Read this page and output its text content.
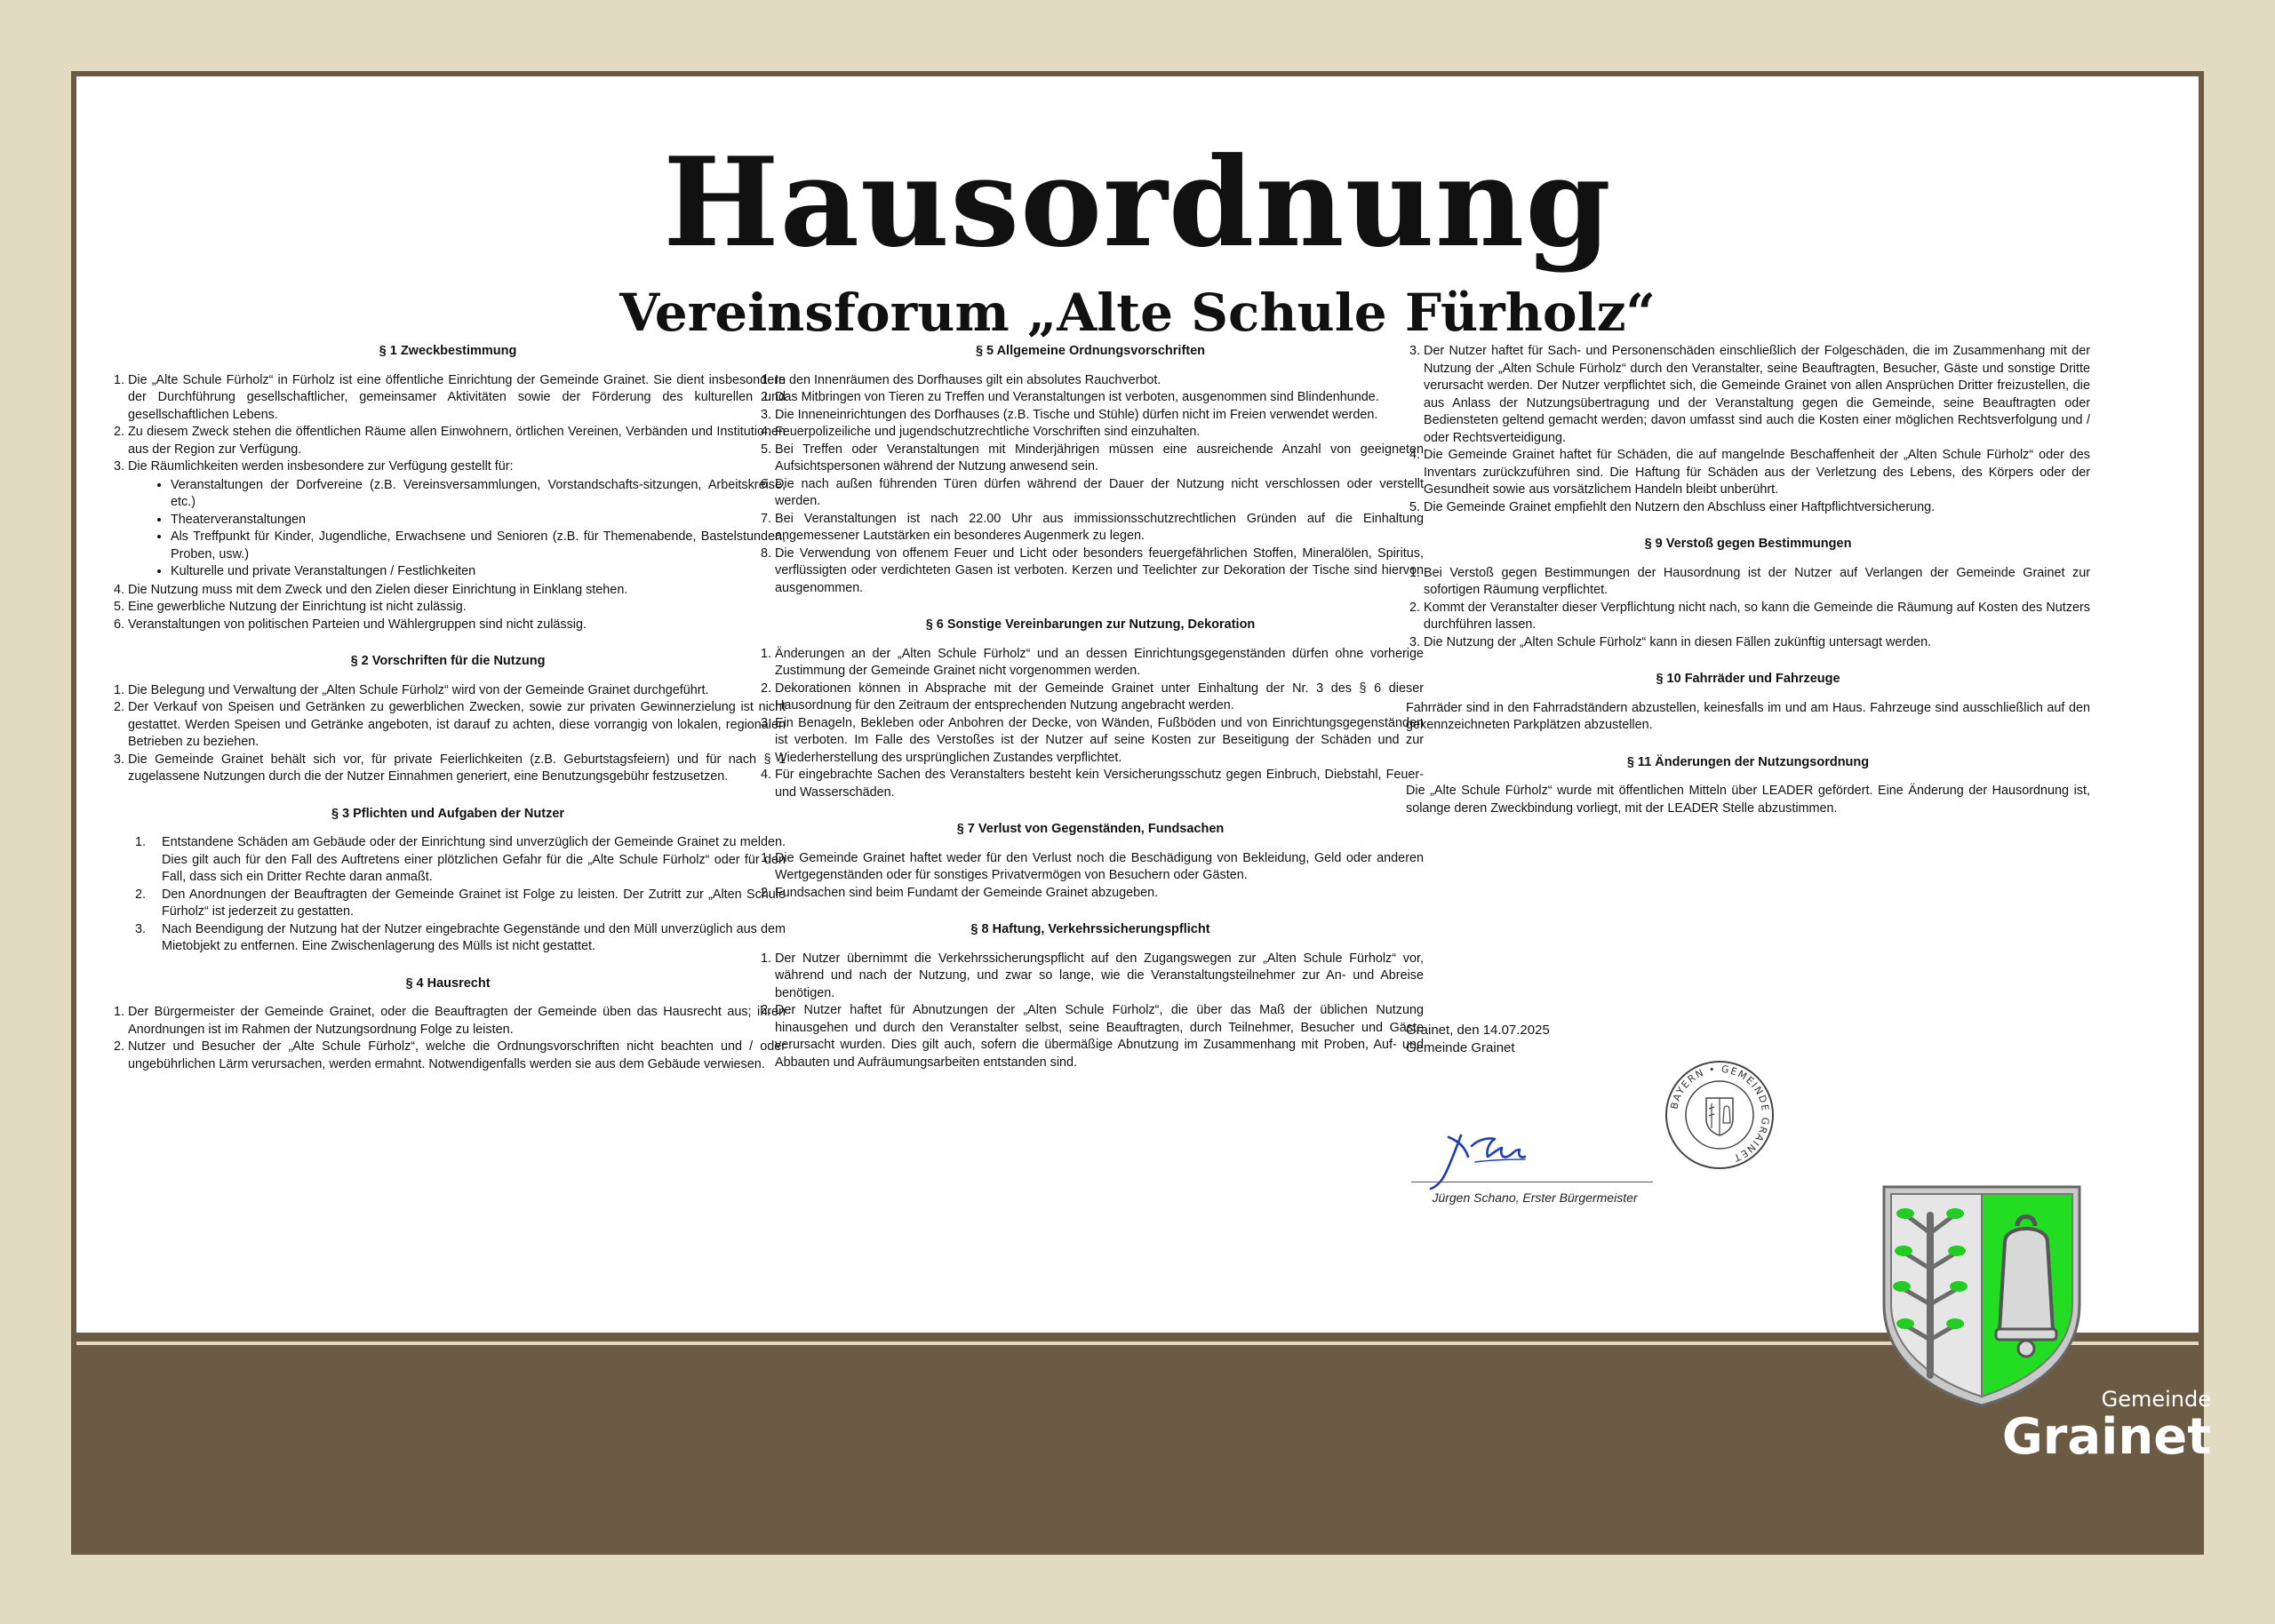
Hausordnung
Vereinsforum „Alte Schule Fürholz“
§ 1 Zweckbestimmung
1. Die „Alte Schule Fürholz“ in Fürholz ist eine öffentliche Einrichtung der Gemeinde Grainet. Sie dient insbesondere der Durchführung gesellschaftlicher, gemeinsamer Aktivitäten sowie der Förderung des kulturellen und gesellschaftlichen Lebens.
2. Zu diesem Zweck stehen die öffentlichen Räume allen Einwohnern, örtlichen Vereinen, Verbänden und Institutionen aus der Region zur Verfügung.
3. Die Räumlichkeiten werden insbesondere zur Verfügung gestellt für:
• Veranstaltungen der Dorfvereine (z.B. Vereinsversammlungen, Vorstandschafts-sitzungen, Arbeitskreise, etc.)
• Theaterveranstaltungen
• Als Treffpunkt für Kinder, Jugendliche, Erwachsene und Senioren (z.B. für Themenabende, Bastelstunden, Proben, usw.)
• Kulturelle und private Veranstaltungen / Festlichkeiten
4. Die Nutzung muss mit dem Zweck und den Zielen dieser Einrichtung in Einklang stehen.
5. Eine gewerbliche Nutzung der Einrichtung ist nicht zulässig.
6. Veranstaltungen von politischen Parteien und Wählergruppen sind nicht zulässig.
§ 2 Vorschriften für die Nutzung
1. Die Belegung und Verwaltung der „Alten Schule Fürholz“ wird von der Gemeinde Grainet durchgeführt.
2. Der Verkauf von Speisen und Getränken zu gewerblichen Zwecken, sowie zur privaten Gewinnerzielung ist nicht gestattet. Werden Speisen und Getränke angeboten, ist darauf zu achten, diese vorrangig von lokalen, regionalen Betrieben zu beziehen.
3. Die Gemeinde Grainet behält sich vor, für private Feierlichkeiten (z.B. Geburtstagsfeiern) und für nach § 1 zugelassene Nutzungen durch die der Nutzer Einnahmen generiert, eine Benutzungsgebühr festzusetzen.
§ 3 Pflichten und Aufgaben der Nutzer
1. Entstandene Schäden am Gebäude oder der Einrichtung sind unverzüglich der Gemeinde Grainet zu melden. Dies gilt auch für den Fall des Auftretens einer plötzlichen Gefahr für die „Alte Schule Fürholz“ oder für den Fall, dass sich ein Dritter Rechte daran anmaßt.
2. Den Anordnungen der Beauftragten der Gemeinde Grainet ist Folge zu leisten. Der Zutritt zur „Alten Schule Fürholz“ ist jederzeit zu gestatten.
3. Nach Beendigung der Nutzung hat der Nutzer eingebrachte Gegenstände und den Müll unverzüglich aus dem Mietobjekt zu entfernen. Eine Zwischenlagerung des Mülls ist nicht gestattet.
§ 4 Hausrecht
1. Der Bürgermeister der Gemeinde Grainet, oder die Beauftragten der Gemeinde üben das Hausrecht aus; ihren Anordnungen ist im Rahmen der Nutzungsordnung Folge zu leisten.
2. Nutzer und Besucher der „Alte Schule Fürholz“, welche die Ordnungsvorschriften nicht beachten und / oder ungebührlichen Lärm verursachen, werden ermahnt. Notwendigenfalls werden sie aus dem Gebäude verwiesen.
§ 5 Allgemeine Ordnungsvorschriften
1. In den Innenräumen des Dorfhauses gilt ein absolutes Rauchverbot.
2. Das Mitbringen von Tieren zu Treffen und Veranstaltungen ist verboten, ausgenommen sind Blindenhunde.
3. Die Inneneinrichtungen des Dorfhauses (z.B. Tische und Stühle) dürfen nicht im Freien verwendet werden.
4. Feuerpolizeiliche und jugendschutzrechtliche Vorschriften sind einzuhalten.
5. Bei Treffen oder Veranstaltungen mit Minderjährigen müssen eine ausreichende Anzahl von geeigneten Aufsichtspersonen während der Nutzung anwesend sein.
6. Die nach außen führenden Türen dürfen während der Dauer der Nutzung nicht verschlossen oder verstellt werden.
7. Bei Veranstaltungen ist nach 22.00 Uhr aus immissionsschutzrechtlichen Gründen auf die Einhaltung angemessener Lautstärken ein besonderes Augenmerk zu legen.
8. Die Verwendung von offenem Feuer und Licht oder besonders feuergefährlichen Stoffen, Mineralölen, Spiritus, verflüssigten oder verdichteten Gasen ist verboten. Kerzen und Teelichter zur Dekoration der Tische sind hiervon ausgenommen.
§ 6 Sonstige Vereinbarungen zur Nutzung, Dekoration
1. Änderungen an der „Alten Schule Fürholz“ und an dessen Einrichtungsgegenständen dürfen ohne vorherige Zustimmung der Gemeinde Grainet nicht vorgenommen werden.
2. Dekorationen können in Absprache mit der Gemeinde Grainet unter Einhaltung der Nr. 3 des § 6 dieser Hausordnung für den Zeitraum der entsprechenden Nutzung angebracht werden.
3. Ein Benageln, Bekleben oder Anbohren der Decke, von Wänden, Fußböden und von Einrichtungsgegenständen ist verboten. Im Falle des Verstoßes ist der Nutzer auf seine Kosten zur Beseitigung der Schäden und zur Wiederherstellung des ursprünglichen Zustandes verpflichtet.
4. Für eingebrachte Sachen des Veranstalters besteht kein Versicherungsschutz gegen Einbruch, Diebstahl, Feuer- und Wasserschäden.
§ 7 Verlust von Gegenständen, Fundsachen
1. Die Gemeinde Grainet haftet weder für den Verlust noch die Beschädigung von Bekleidung, Geld oder anderen Wertgegenständen oder für sonstiges Privatvermögen von Besuchern oder Gästen.
2. Fundsachen sind beim Fundamt der Gemeinde Grainet abzugeben.
§ 8 Haftung, Verkehrssicherungspflicht
1. Der Nutzer übernimmt die Verkehrssicherungspflicht auf den Zugangswegen zur „Alten Schule Fürholz“ vor, während und nach der Nutzung, und zwar so lange, wie die Veranstaltungsteilnehmer zur An- und Abreise benötigen.
2. Der Nutzer haftet für Abnutzungen der „Alten Schule Fürholz“, die über das Maß der üblichen Nutzung hinausgehen und durch den Veranstalter selbst, seine Beauftragten, durch Teilnehmer, Besucher und Gäste verursacht wurden. Dies gilt auch, sofern die übermäßige Abnutzung im Zusammenhang mit Proben, Auf- und Abbauten und Aufräumungsarbeiten entstanden sind.
3. Der Nutzer haftet für Sach- und Personenschäden einschließlich der Folgeschäden, die im Zusammenhang mit der Nutzung der „Alten Schule Fürholz“ durch den Veranstalter, seine Beauftragten, Besucher, Gäste und sonstige Dritte verursacht werden. Der Nutzer verpflichtet sich, die Gemeinde Grainet von allen Ansprüchen Dritter freizustellen, die aus Anlass der Nutzungsübertragung und der Veranstaltung gegen die Gemeinde, seine Beauftragten oder Bediensteten geltend gemacht werden; davon umfasst sind auch die Kosten einer möglichen Rechtsverfolgung und / oder Rechtsverteidigung.
4. Die Gemeinde Grainet haftet für Schäden, die auf mangelnde Beschaffenheit der „Alten Schule Fürholz“ oder des Inventars zurückzuführen sind. Die Haftung für Schäden aus der Verletzung des Lebens, des Körpers oder der Gesundheit sowie aus vorsätzlichem Handeln bleibt unberührt.
5. Die Gemeinde Grainet empfiehlt den Nutzern den Abschluss einer Haftpflichtversicherung.
§ 9 Verstoß gegen Bestimmungen
1. Bei Verstoß gegen Bestimmungen der Hausordnung ist der Nutzer auf Verlangen der Gemeinde Grainet zur sofortigen Räumung verpflichtet.
2. Kommt der Veranstalter dieser Verpflichtung nicht nach, so kann die Gemeinde die Räumung auf Kosten des Nutzers durchführen lassen.
3. Die Nutzung der „Alten Schule Fürholz“ kann in diesen Fällen zukünftig untersagt werden.
§ 10 Fahrräder und Fahrzeuge

Fahrräder sind in den Fahrradständern abzustellen, keinesfalls im und am Haus. Fahrzeuge sind ausschließlich auf den gekennzeichneten Parkplätzen abzustellen.

§ 11 Änderungen der Nutzungsordnung

Die „Alte Schule Fürholz“ wurde mit öffentlichen Mitteln über LEADER gefördert. Eine Änderung der Hausordnung ist, solange deren Zweckbindung vorliegt, mit der LEADER Stelle abzustimmen.

Grainet, den 14.07.2025
Gemeinde Grainet
Jürgen Schano, Erster Bürgermeister
BAYERN • GEMEINDE GRAINET
Gemeinde
Grainet
